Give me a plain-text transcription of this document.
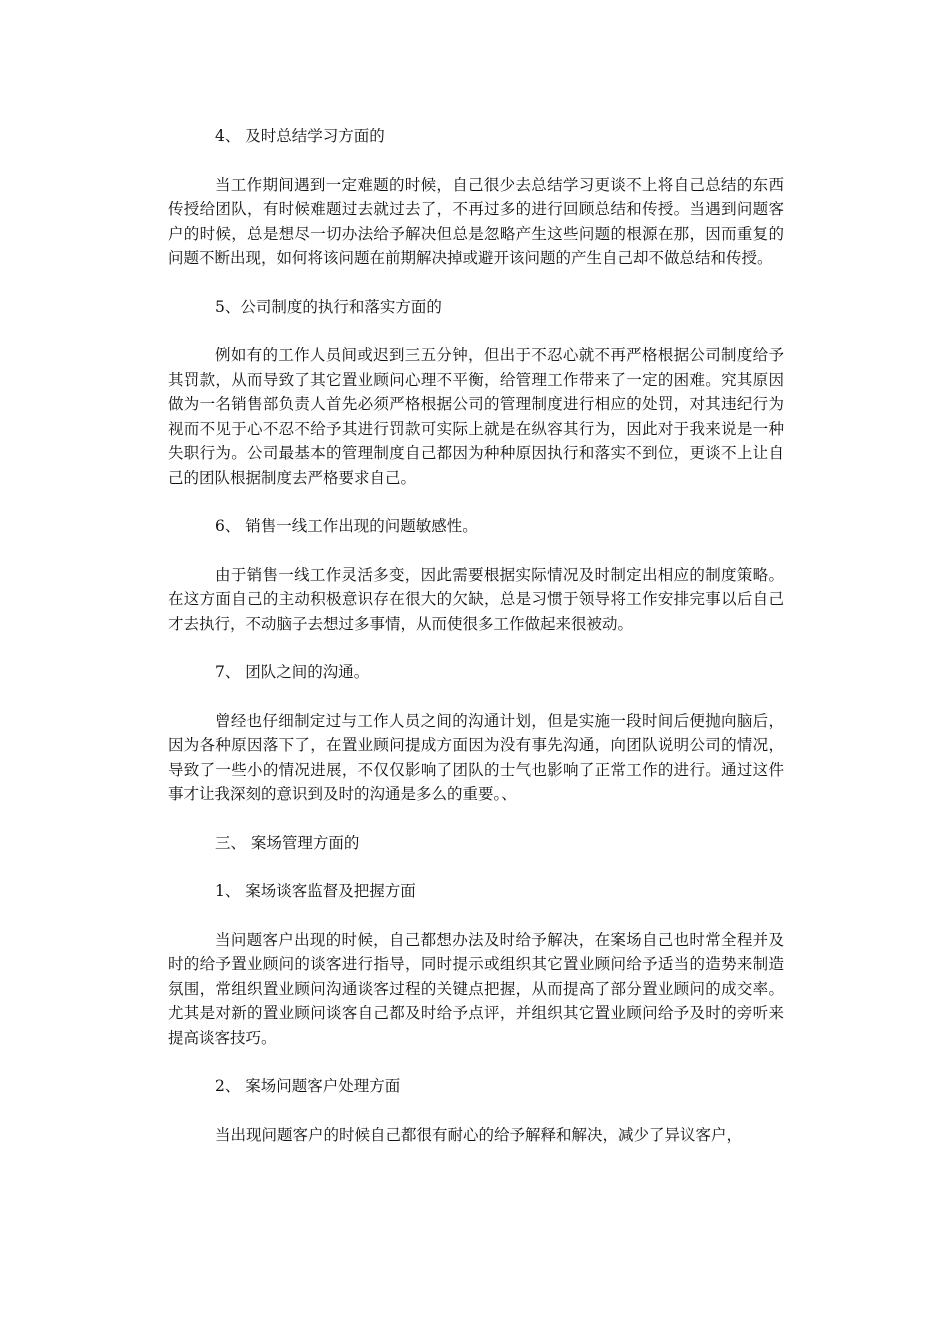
4、 及时总结学习方面的

当工作期间遇到一定难题的时候，自己很少去总结学习更谈不上将自己总结的东西传授给团队，有时候难题过去就过去了，不再过多的进行回顾总结和传授。当遇到问题客户的时候，总是想尽一切办法给予解决但总是忽略产生这些问题的根源在那，因而重复的问题不断出现，如何将该问题在前期解决掉或避开该问题的产生自己却不做总结和传授。

5、公司制度的执行和落实方面的

例如有的工作人员间或迟到三五分钟，但出于不忍心就不再严格根据公司制度给予其罚款，从而导致了其它置业顾问心理不平衡，给管理工作带来了一定的困难。究其原因做为一名销售部负责人首先必须严格根据公司的管理制度进行相应的处罚，对其违纪行为视而不见于心不忍不给予其进行罚款可实际上就是在纵容其行为，因此对于我来说是一种失职行为。公司最基本的管理制度自己都因为种种原因执行和落实不到位，更谈不上让自己的团队根据制度去严格要求自己。

6、 销售一线工作出现的问题敏感性。

由于销售一线工作灵活多变，因此需要根据实际情况及时制定出相应的制度策略。在这方面自己的主动积极意识存在很大的欠缺，总是习惯于领导将工作安排完事以后自己才去执行，不动脑子去想过多事情，从而使很多工作做起来很被动。

7、 团队之间的沟通。

曾经也仔细制定过与工作人员之间的沟通计划，但是实施一段时间后便抛向脑后，因为各种原因落下了，在置业顾问提成方面因为没有事先沟通，向团队说明公司的情况，导致了一些小的情况进展，不仅仅影响了团队的士气也影响了正常工作的进行。通过这件事才让我深刻的意识到及时的沟通是多么的重要。、

三、 案场管理方面的
1、 案场谈客监督及把握方面

当问题客户出现的时候，自己都想办法及时给予解决，在案场自己也时常全程并及时的给予置业顾问的谈客进行指导，同时提示或组织其它置业顾问给予适当的造势来制造氛围，常组织置业顾问沟通谈客过程的关键点把握，从而提高了部分置业顾问的成交率。尤其是对新的置业顾问谈客自己都及时给予点评，并组织其它置业顾问给予及时的旁听来提高谈客技巧。

2、 案场问题客户处理方面

当出现问题客户的时候自己都很有耐心的给予解释和解决，减少了异议客户，
